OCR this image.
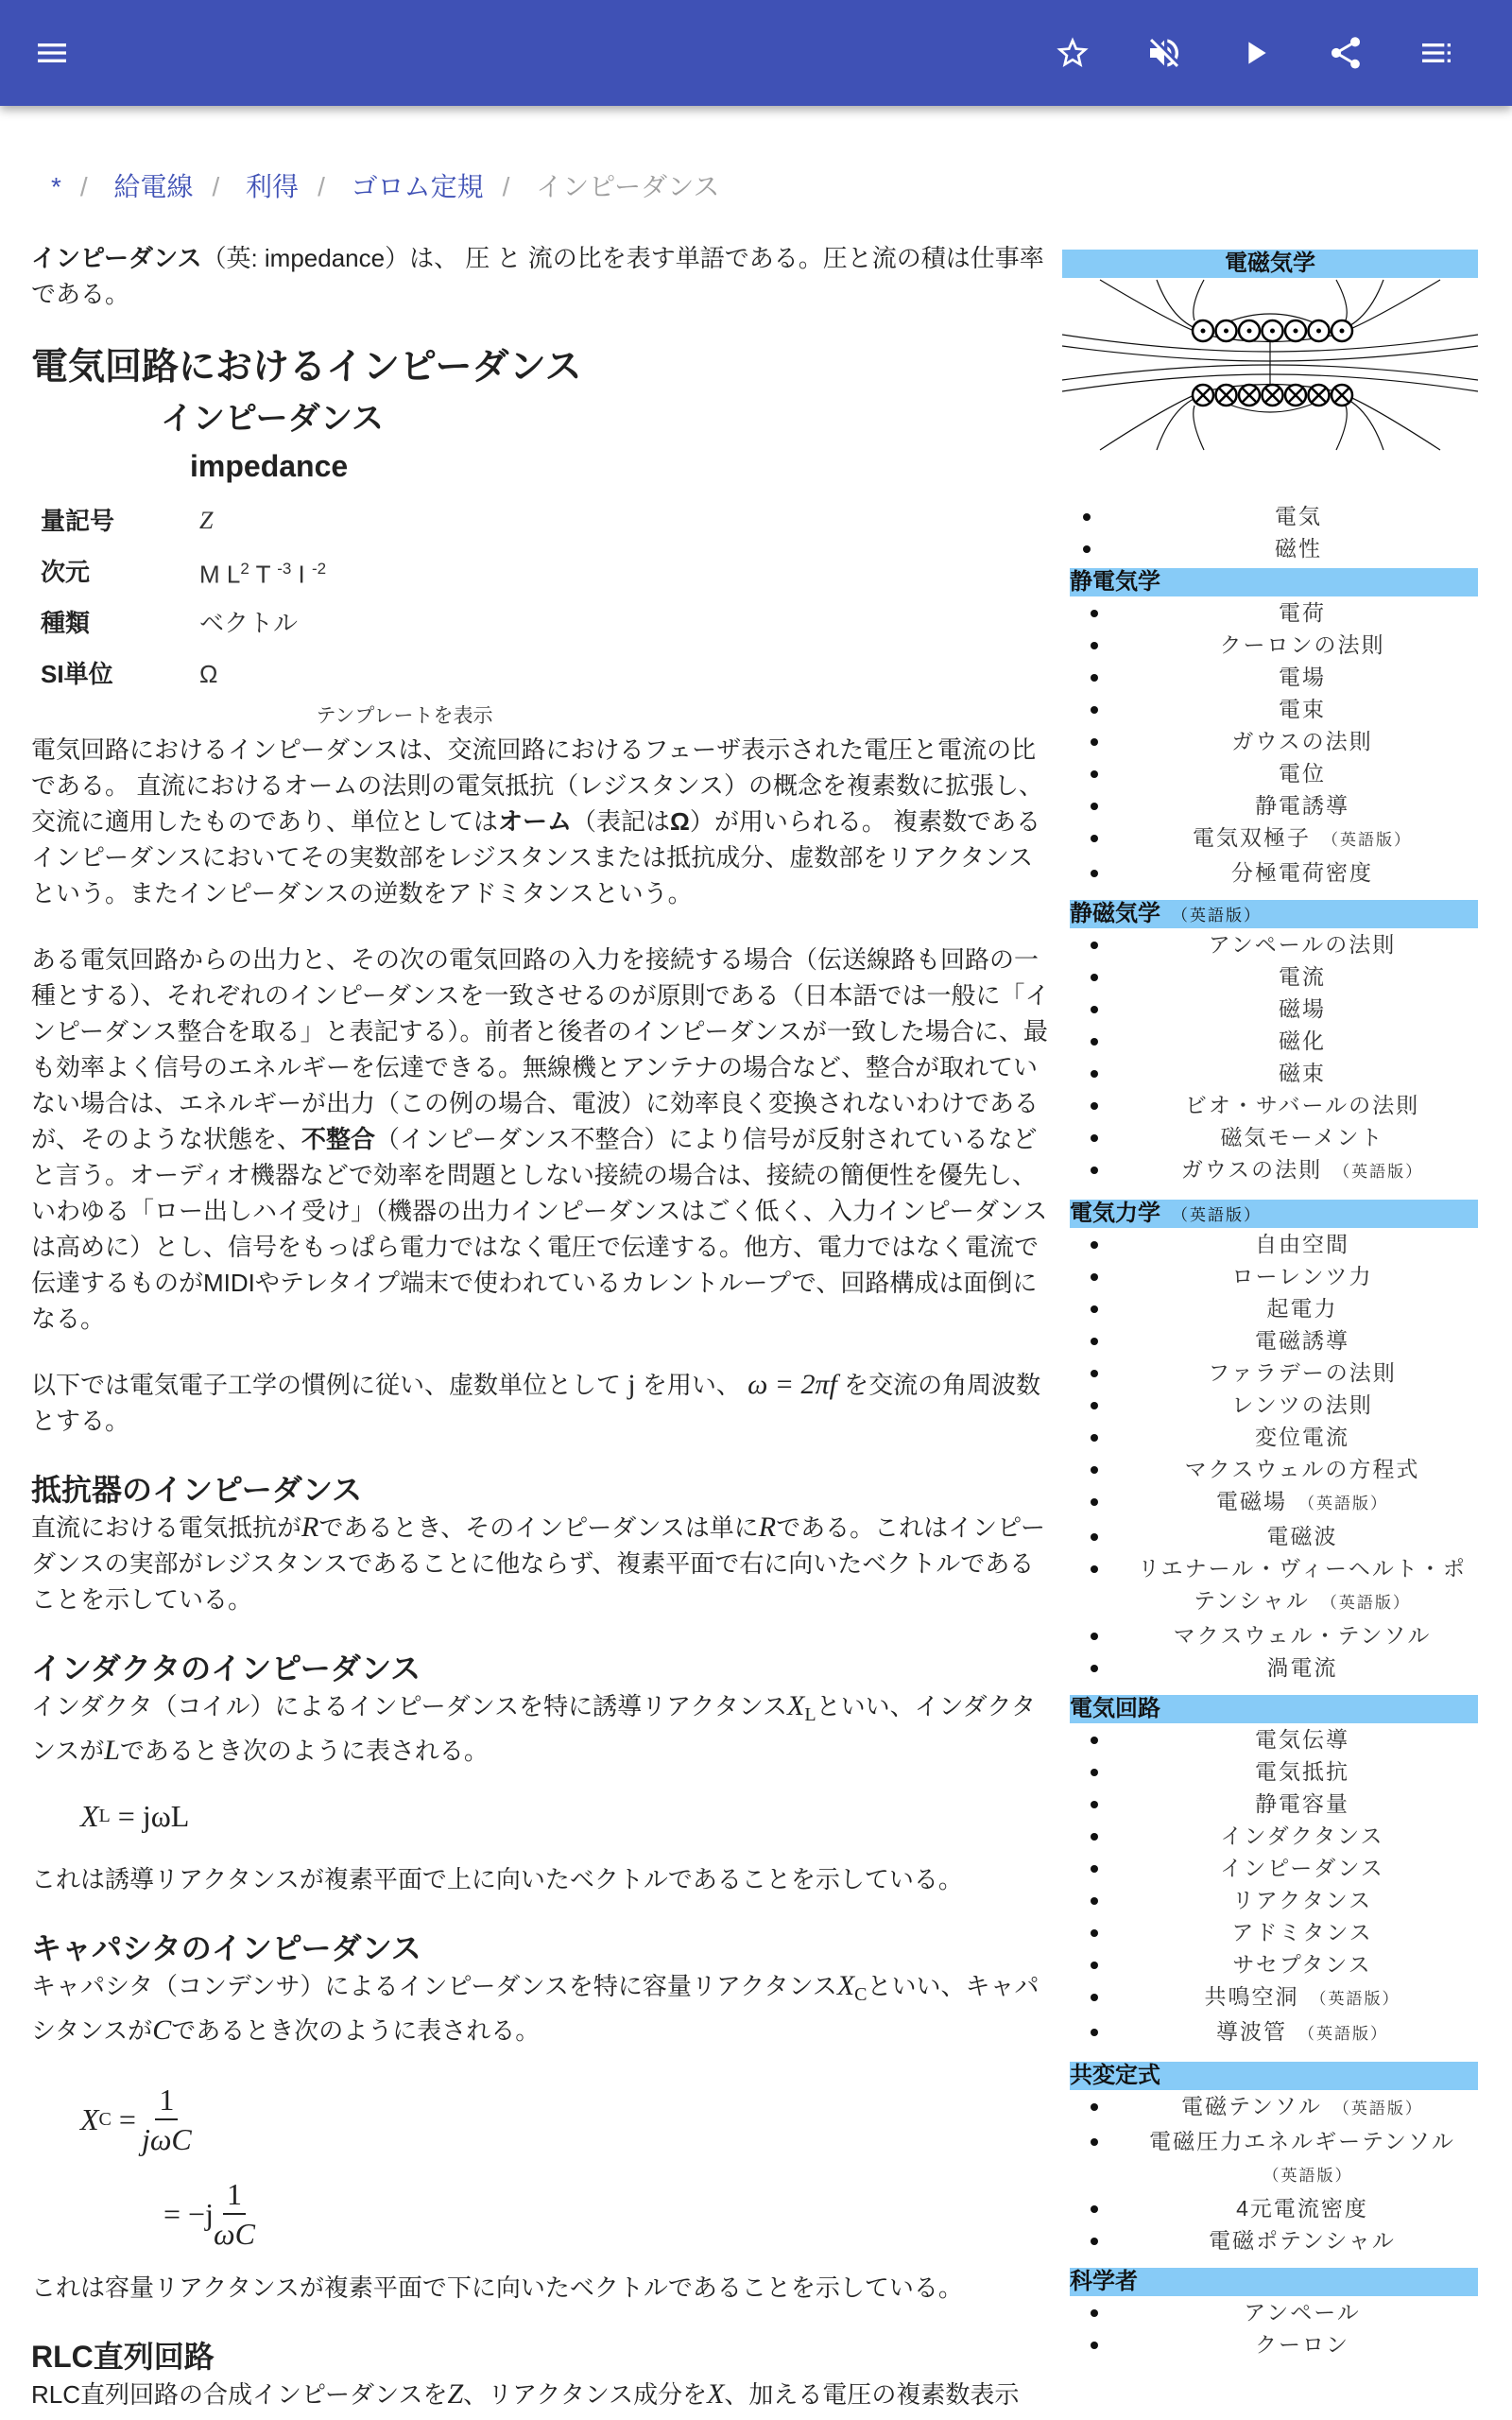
* / 給電線 / 利得 / ゴロム定規 / インピーダンス

インピーダンス（英: impedance）は、 圧 と 流の比を表す単語である。圧と流の積は仕事率である。

電気回路におけるインピーダンス
インピーダンス
impedance
量記号	Z
次元	M $L^2$ T $^{-3}$ I $^{-2}$
種類	ベクトル
SI単位	Ω
テンプレートを表示

電気回路におけるインピーダンスは、交流回路におけるフェーザ表示された電圧と電流の比である。 直流におけるオームの法則の電気抵抗（レジスタンス）の概念を複素数に拡張し、交流に適用したものであり、単位としてはオーム（表記はΩ）が用いられる。 複素数であるインピーダンスにおいてその実数部をレジスタンスまたは抵抗成分、虚数部をリアクタンスという。またインピーダンスの逆数をアドミタンスという。

ある電気回路からの出力と、その次の電気回路の入力を接続する場合（伝送線路も回路の一種とする）、それぞれのインピーダンスを一致させるのが原則である（日本語では一般に「インピーダンス整合を取る」と表記する）。前者と後者のインピーダンスが一致した場合に、最も効率よく信号のエネルギーを伝達できる。無線機とアンテナの場合など、整合が取れていない場合は、エネルギーが出力（この例の場合、電波）に効率良く変換されないわけであるが、そのような状態を、不整合（インピーダンス不整合）により信号が反射されているなどと言う。オーディオ機器などで効率を問題としない接続の場合は、接続の簡便性を優先し、いわゆる「ロー出しハイ受け」（機器の出力インピーダンスはごく低く、入力インピーダンスは高めに）とし、信号をもっぱら電力ではなく電圧で伝達する。他方、電力ではなく電流で伝達するものがMIDIやテレタイプ端末で使われているカレントループで、回路構成は面倒になる。

以下では電気電子工学の慣例に従い、虚数単位として j を用い、 ω = 2πf を交流の角周波数とする。

抵抗器のインピーダンス

直流における電気抵抗がRであるとき、そのインピーダンスは単にRである。これはインピーダンスの実部がレジスタンスであることに他ならず、複素平面で右に向いたベクトルであることを示している。

インダクタのインピーダンス

インダクタ（コイル）によるインピーダンスを特に誘導リアクタンス$X_L$といい、インダクタンスがLであるとき次のように表される。

X L
= jωL

これは誘導リアクタンスが複素平面で上に向いたベクトルであることを示している。

キャパシタのインピーダンス

キャパシタ（コンデンサ）によるインピーダンスを特に容量リアクタンス$X_C$といい、キャパシタンスがCであるとき次のように表される。

X C
= $\frac{1}{\text{jωC}}$
= $-j \frac{1}{\omega C}$

これは容量リアクタンスが複素平面で下に向いたベクトルであることを示している。

RLC直列回路

RLC直列回路の合成インピーダンスをZ、リアクタンス成分をX、加える電圧の複素数表示

電磁気学
電気
磁性
静電気学
電荷
クーロンの法則
電場
電束
ガウスの法則
電位
静電誘導
電気双極子 （英語版）
分極電荷密度
静磁気学 （英語版）
アンペールの法則
電流
磁場
磁化
磁束
ビオ・サバールの法則
磁気モーメント
ガウスの法則 （英語版）
電気力学 （英語版）
自由空間
ローレンツ力
起電力
電磁誘導
ファラデーの法則
レンツの法則
変位電流
マクスウェルの方程式
電磁場 （英語版）
電磁波
リエナール・ヴィーヘルト・ポテンシャル （英語版）
マクスウェル・テンソル
渦電流
電気回路
電気伝導
電気抵抗
静電容量
インダクタンス
インピーダンス
リアクタンス
アドミタンス
サセプタンス
共鳴空洞 （英語版）
導波管 （英語版）
共変定式
電磁テンソル （英語版）
電磁圧力エネルギーテンソル（英語版）
4元電流密度
電磁ポテンシャル
科学者
アンペール
クーロン
